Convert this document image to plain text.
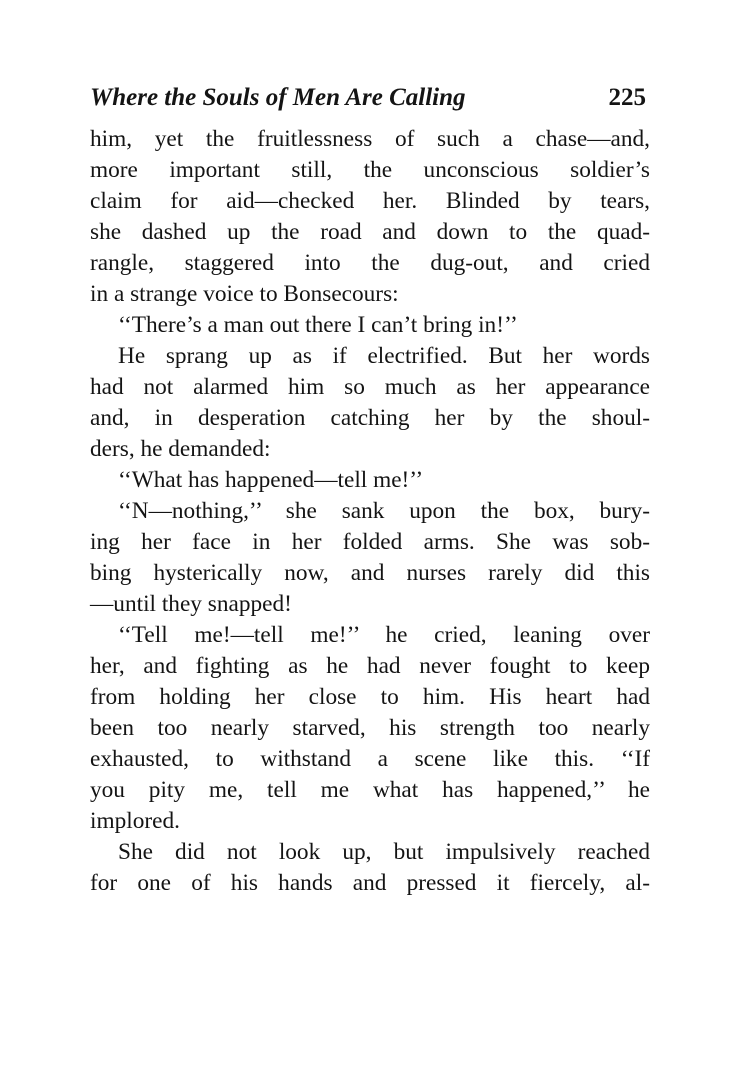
Where the Souls of Men Are Calling	225
him, yet the fruitlessness of such a chase—and,
more important still, the unconscious soldier’s
claim for aid—checked her. Blinded by tears,
she dashed up the road and down to the quad-
rangle, staggered into the dug-out, and cried
in a strange voice to Bonsecours:
‘‘There’s a man out there I can’t bring in!’’
He sprang up as if electrified. But her words
had not alarmed him so much as her appearance
and, in desperation catching her by the shoul-
ders, he demanded:
‘‘What has happened—tell me!’’
‘‘N—nothing,’’ she sank upon the box, bury-
ing her face in her folded arms. She was sob-
bing hysterically now, and nurses rarely did this
—until they snapped!
‘‘Tell me!—tell me!’’ he cried, leaning over
her, and fighting as he had never fought to keep
from holding her close to him. His heart had
been too nearly starved, his strength too nearly
exhausted, to withstand a scene like this. ‘‘If
you pity me, tell me what has happened,’’ he
implored.
She did not look up, but impulsively reached
for one of his hands and pressed it fiercely, al-
